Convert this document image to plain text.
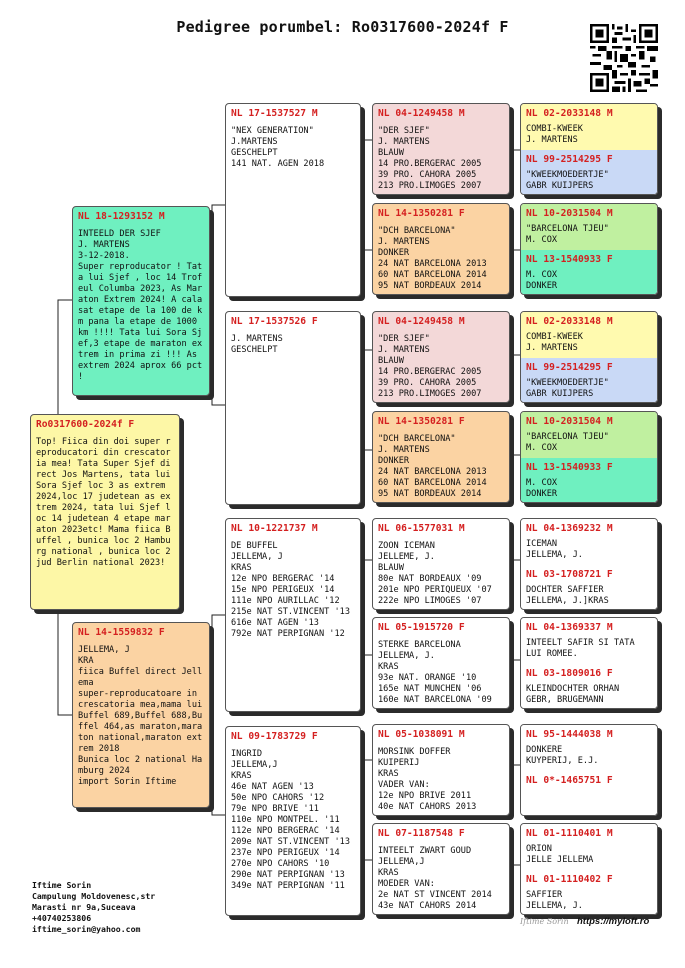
Pedigree porumbel: Ro0317600-2024f F
Ro0317600-2024f F
Top! Fiica din doi super reproducatori din crescatoria mea! Tata Super Sjef direct Jos Martens, tata lui Sora Sjef loc 3 as extrem 2024,loc 17 judetean as extrem 2024, tata lui Sjef loc 14 judetean 4 etape maraton 2023etc! Mama fiica Buffel , bunica loc 2 Hamburg national , bunica loc 2 jud Berlin national 2023!
NL 18-1293152 M
INTEELD DER SJEF
J. MARTENS
3-12-2018.
Super reproducator ! Tata lui Sjef , loc 14 Trofeul Columba 2023, As Maraton Extrem 2024! A calasat etape de la 100 de km pana la etape de 1000 km !!!! Tata lui Sora Sjef,3 etape de maraton extrem in prima zi !!! As extrem 2024 aprox 66 pct !
NL 14-1559832 F
JELLEMA, J
KRA
fiica Buffel direct Jellema
super-reproducatoare in crescatoria mea,mama lui Buffel 689,Buffel 688,Buffel 464,as maraton,maraton national,maraton extrem 2018
Bunica loc 2 national Hamburg 2024
import Sorin Iftime
NL 17-1537527 M
"NEX GENERATION"
J.MARTENS
GESCHELPT
141 NAT. AGEN 2018
NL 17-1537526 F
J. MARTENS
GESCHELPT
NL 10-1221737 M
DE BUFFEL
JELLEMA, J
KRAS
12e NPO BERGERAC '14
15e NPO PERIGEUX '14
111e NPO AURILLAC '12
215e NAT ST.VINCENT '13
616e NAT AGEN '13
792e NAT PERPIGNAN '12
NL 09-1783729 F
INGRID
JELLEMA,J
KRAS
46e NAT AGEN '13
50e NPO CAHORS '12
79e NPO BRIVE '11
110e NPO MONTPEL. '11
112e NPO BERGERAC '14
209e NAT ST.VINCENT '13
237e NPO PERIGEUX '14
270e NPO CAHORS '10
290e NAT PERPIGNAN '13
349e NAT PERPIGNAN '11
NL 04-1249458 M
"DER SJEF"
J. MARTENS
BLAUW
14 PRO.BERGERAC 2005
39 PRO. CAHORA 2005
213 PRO.LIMOGES 2007
NL 14-1350281 F
"DCH BARCELONA"
J. MARTENS
DONKER
24 NAT BARCELONA 2013
60 NAT BARCELONA 2014
95 NAT BORDEAUX 2014
NL 04-1249458 M
"DER SJEF"
J. MARTENS
BLAUW
14 PRO.BERGERAC 2005
39 PRO. CAHORA 2005
213 PRO.LIMOGES 2007
NL 14-1350281 F
"DCH BARCELONA"
J. MARTENS
DONKER
24 NAT BARCELONA 2013
60 NAT BARCELONA 2014
95 NAT BORDEAUX 2014
NL 06-1577031 M
ZOON ICEMAN
JELLEME, J.
BLAUW
80e NAT BORDEAUX '09
201e NPO PERIQUEUX '07
222e NPO LIMOGES '07
NL 05-1915720 F
STERKE BARCELONA
JELLEMA, J.
KRAS
93e NAT. ORANGE '10
165e NAT MUNCHEN '06
160e NAT BARCELONA '09
NL 05-1038091 M
MORSINK DOFFER
KUIPERIJ
KRAS
VADER VAN:
12e NPO BRIVE 2011
40e NAT CAHORS 2013
NL 07-1187548 F
INTEELT ZWART GOUD
JELLEMA,J
KRAS
MOEDER VAN:
2e NAT ST VINCENT 2014
43e NAT CAHORS 2014
NL 02-2033148 M
COMBI-KWEEK
J. MARTENS
NL 99-2514295 F
"KWEEKMOEDERTJE"
GABR KUIJPERS
NL 10-2031504 M
"BARCELONA TJEU"
M. COX
NL 13-1540933 F
M. COX
DONKER
NL 02-2033148 M
COMBI-KWEEK
J. MARTENS
NL 99-2514295 F
"KWEEKMOEDERTJE"
GABR KUIJPERS
NL 10-2031504 M
"BARCELONA TJEU"
M. COX
NL 13-1540933 F
M. COX
DONKER
NL 04-1369232 M
ICEMAN
JELLEMA, J.
NL 03-1708721 F
DOCHTER SAFFIER
JELLEMA, J.]KRAS
NL 04-1369337 M
INTEELT SAFIR SI TATA LUI ROMEE.
NL 03-1809016 F
KLEINDOCHTER ORHAN
GEBR, BRUGEMANN
NL 95-1444038 M
DONKERE
KUYPERIJ, E.J.
NL 0*-1465751 F
NL 01-1110401 M
ORION
JELLE JELLEMA
NL 01-1110402 F
SAFFIER
JELLEMA, J.
Iftime Sorin
Campulung Moldovenesc,str
Marasti nr 9a,Suceava
+40740253806
iftime_sorin@yahoo.com
Iftime Sorin https://myloft.ro
